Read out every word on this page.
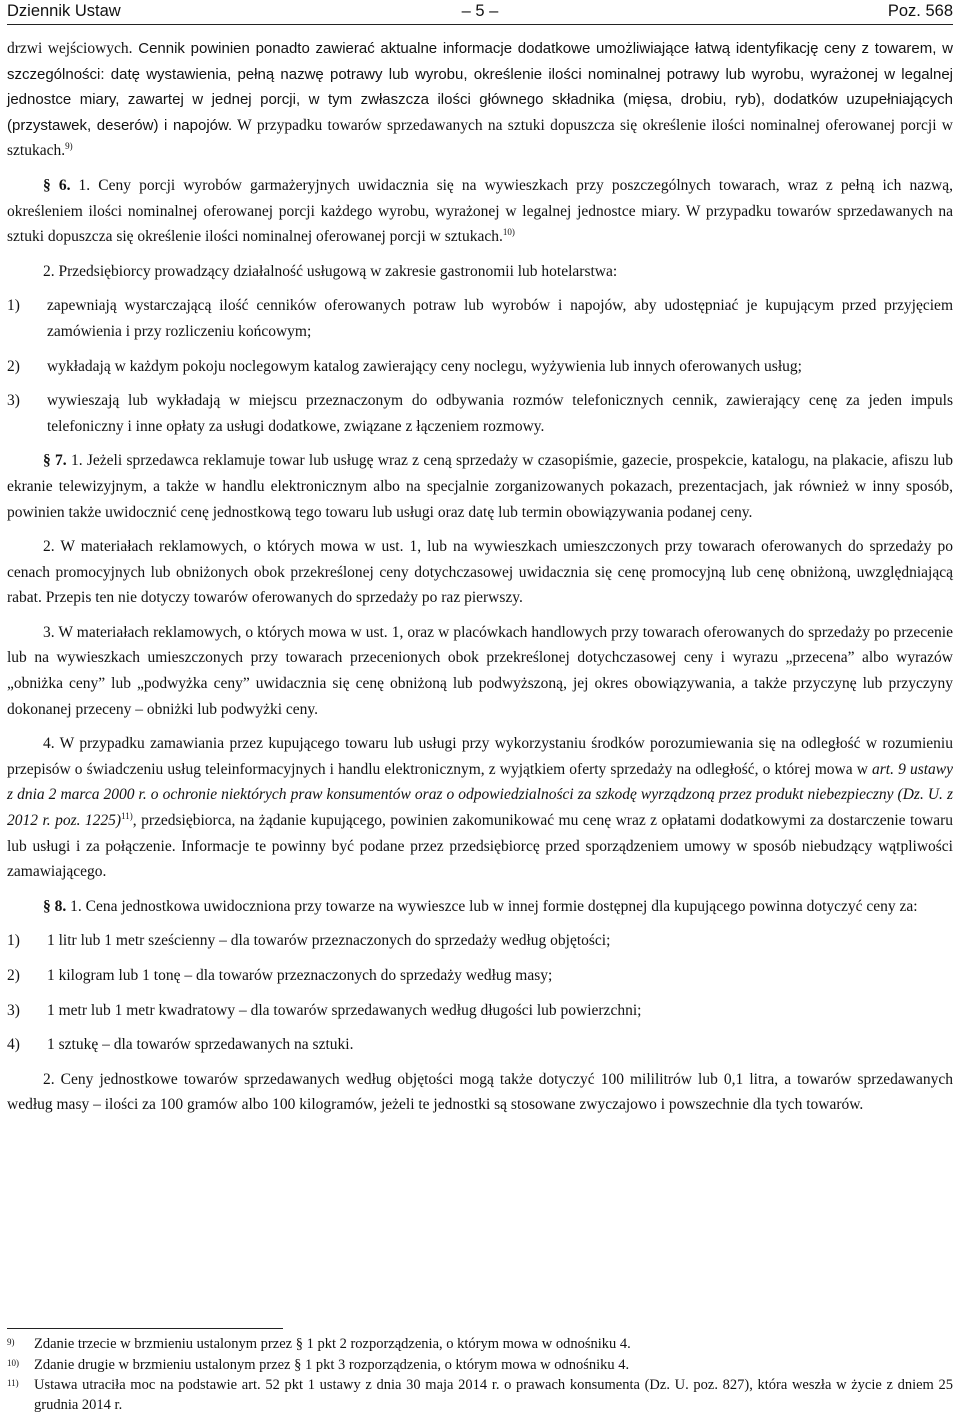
Dziennik Ustaw	– 5 –	Poz. 568

drzwi wejściowych. Cennik powinien ponadto zawierać aktualne informacje dodatkowe umożliwiające łatwą identyfikację ceny z towarem, w szczególności: datę wystawienia, pełną nazwę potrawy lub wyrobu, określenie ilości nominalnej potrawy lub wyrobu, wyrażonej w legalnej jednostce miary, zawartej w jednej porcji, w tym zwłaszcza ilości głównego składnika (mięsa, drobiu, ryb), dodatków uzupełniających (przystawek, deserów) i napojów. W przypadku towarów sprzedawanych na sztuki dopuszcza się określenie ilości nominalnej oferowanej porcji w sztukach.$^{9)}$

§ 6. 1. Ceny porcji wyrobów garmażeryjnych uwidacznia się na wywieszkach przy poszczególnych towarach, wraz z pełną ich nazwą, określeniem ilości nominalnej oferowanej porcji każdego wyrobu, wyrażonej w legalnej jednostce miary. W przypadku towarów sprzedawanych na sztuki dopuszcza się określenie ilości nominalnej oferowanej porcji w sztukach.$^{10)}$

2. Przedsiębiorcy prowadzący działalność usługową w zakresie gastronomii lub hotelarstwa:

1)	zapewniają wystarczającą ilość cenników oferowanych potraw lub wyrobów i napojów, aby udostępniać je kupującym przed przyjęciem zamówienia i przy rozliczeniu końcowym;
2)	wykładają w każdym pokoju noclegowym katalog zawierający ceny noclegu, wyżywienia lub innych oferowanych usług;
3)	wywieszają lub wykładają w miejscu przeznaczonym do odbywania rozmów telefonicznych cennik, zawierający cenę za jeden impuls telefoniczny i inne opłaty za usługi dodatkowe, związane z łączeniem rozmowy.

§ 7. 1. Jeżeli sprzedawca reklamuje towar lub usługę wraz z ceną sprzedaży w czasopiśmie, gazecie, prospekcie, katalogu, na plakacie, afiszu lub ekranie telewizyjnym, a także w handlu elektronicznym albo na specjalnie zorganizowanych pokazach, prezentacjach, jak również w inny sposób, powinien także uwidocznić cenę jednostkową tego towaru lub usługi oraz datę lub termin obowiązywania podanej ceny.

2. W materiałach reklamowych, o których mowa w ust. 1, lub na wywieszkach umieszczonych przy towarach oferowanych do sprzedaży po cenach promocyjnych lub obniżonych obok przekreślonej ceny dotychczasowej uwidacznia się cenę promocyjną lub cenę obniżoną, uwzględniającą rabat. Przepis ten nie dotyczy towarów oferowanych do sprzedaży po raz pierwszy.

3. W materiałach reklamowych, o których mowa w ust. 1, oraz w placówkach handlowych przy towarach oferowanych do sprzedaży po przecenie lub na wywieszkach umieszczonych przy towarach przecenionych obok przekreślonej dotychczasowej ceny i wyrazu „przecena” albo wyrazów „obniżka ceny” lub „podwyżka ceny” uwidacznia się cenę obniżoną lub podwyższoną, jej okres obowiązywania, a także przyczynę lub przyczyny dokonanej przeceny – obniżki lub podwyżki ceny.

4. W przypadku zamawiania przez kupującego towaru lub usługi przy wykorzystaniu środków porozumiewania się na odległość w rozumieniu przepisów o świadczeniu usług teleinformacyjnych i handlu elektronicznym, z wyjątkiem oferty sprzedaży na odległość, o której mowa w art. 9 ustawy z dnia 2 marca 2000 r. o ochronie niektórych praw konsumentów oraz o odpowiedzialności za szkodę wyrządzoną przez produkt niebezpieczny (Dz. U. z 2012 r. poz. 1225)$^{11)}$, przedsiębiorca, na żądanie kupującego, powinien zakomunikować mu cenę wraz z opłatami dodatkowymi za dostarczenie towaru lub usługi i za połączenie. Informacje te powinny być podane przez przedsiębiorcę przed sporządzeniem umowy w sposób niebudzący wątpliwości zamawiającego.

§ 8. 1. Cena jednostkowa uwidoczniona przy towarze na wywieszce lub w innej formie dostępnej dla kupującego powinna dotyczyć ceny za:

1)	1 litr lub 1 metr sześcienny – dla towarów przeznaczonych do sprzedaży według objętości;
2)	1 kilogram lub 1 tonę – dla towarów przeznaczonych do sprzedaży według masy;
3)	1 metr lub 1 metr kwadratowy – dla towarów sprzedawanych według długości lub powierzchni;
4)	1 sztukę – dla towarów sprzedawanych na sztuki.

2. Ceny jednostkowe towarów sprzedawanych według objętości mogą także dotyczyć 100 mililitrów lub 0,1 litra, a towarów sprzedawanych według masy – ilości za 100 gramów albo 100 kilogramów, jeżeli te jednostki są stosowane zwyczajowo i powszechnie dla tych towarów.

9)	Zdanie trzecie w brzmieniu ustalonym przez § 1 pkt 2 rozporządzenia, o którym mowa w odnośniku 4.
10)	Zdanie drugie w brzmieniu ustalonym przez § 1 pkt 3 rozporządzenia, o którym mowa w odnośniku 4.
11)	Ustawa utraciła moc na podstawie art. 52 pkt 1 ustawy z dnia 30 maja 2014 r. o prawach konsumenta (Dz. U. poz. 827), która weszła w życie z dniem 25 grudnia 2014 r.
